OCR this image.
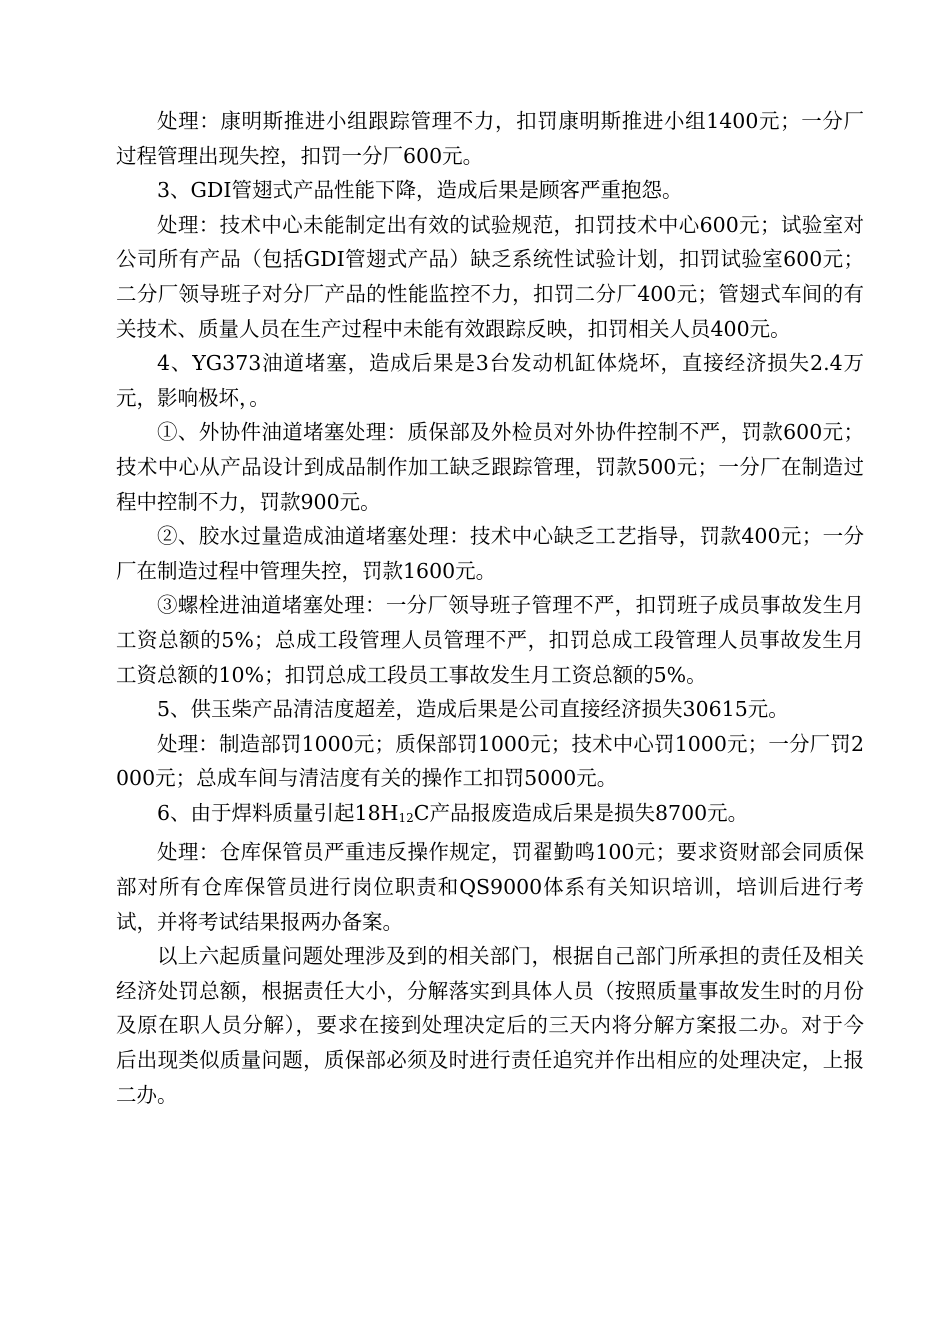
处理：康明斯推进小组跟踪管理不力，扣罚康明斯推进小组1400元；一分厂过程管理出现失控，扣罚一分厂600元。

3、GDI管翅式产品性能下降，造成后果是顾客严重抱怨。

处理：技术中心未能制定出有效的试验规范，扣罚技术中心600元；试验室对公司所有产品（包括GDI管翅式产品）缺乏系统性试验计划，扣罚试验室600元；二分厂领导班子对分厂产品的性能监控不力，扣罚二分厂400元；管翅式车间的有关技术、质量人员在生产过程中未能有效跟踪反映，扣罚相关人员400元。

4、YG373油道堵塞，造成后果是3台发动机缸体烧坏，直接经济损失2.4万元，影响极坏，。

①、外协件油道堵塞处理：质保部及外检员对外协件控制不严，罚款600元；技术中心从产品设计到成品制作加工缺乏跟踪管理，罚款500元；一分厂在制造过程中控制不力，罚款900元。

②、胶水过量造成油道堵塞处理：技术中心缺乏工艺指导，罚款400元；一分厂在制造过程中管理失控，罚款1600元。

③螺栓进油道堵塞处理：一分厂领导班子管理不严，扣罚班子成员事故发生月工资总额的5%；总成工段管理人员管理不严，扣罚总成工段管理人员事故发生月工资总额的10%；扣罚总成工段员工事故发生月工资总额的5%。

5、供玉柴产品清洁度超差，造成后果是公司直接经济损失30615元。

处理：制造部罚1000元；质保部罚1000元；技术中心罚1000元；一分厂罚2000元；总成车间与清洁度有关的操作工扣罚5000元。

6、由于焊料质量引起18H12C产品报废造成后果是损失8700元。

处理：仓库保管员严重违反操作规定，罚翟勤鸣100元；要求资财部会同质保部对所有仓库保管员进行岗位职责和QS9000体系有关知识培训，培训后进行考试，并将考试结果报两办备案。

以上六起质量问题处理涉及到的相关部门，根据自己部门所承担的责任及相关经济处罚总额，根据责任大小，分解落实到具体人员（按照质量事故发生时的月份及原在职人员分解），要求在接到处理决定后的三天内将分解方案报二办。对于今后出现类似质量问题，质保部必须及时进行责任追究并作出相应的处理决定，上报二办。
